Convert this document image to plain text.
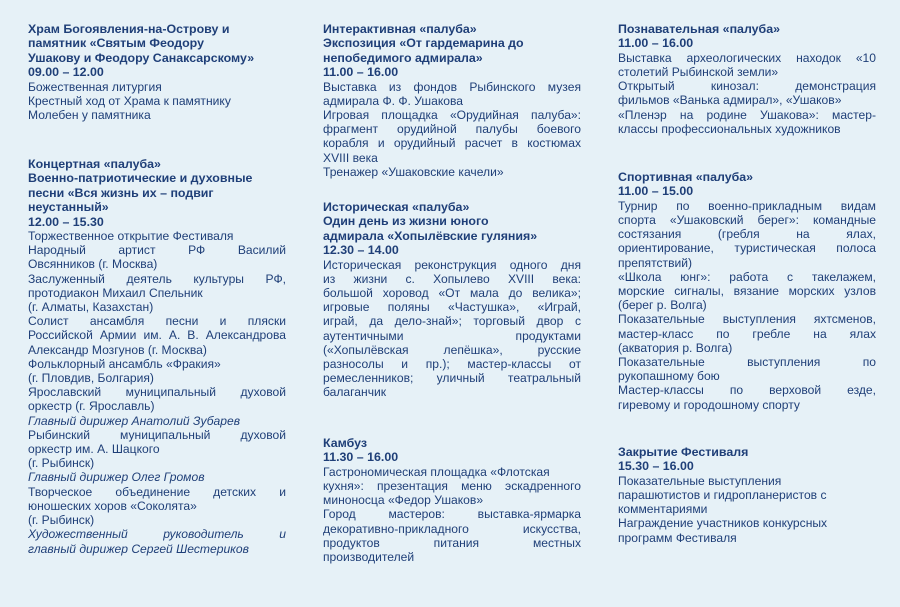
Храм Богоявления-на-Острову и

памятник «Святым Феодору

Ушакову и Феодору Санаксарскому»

09.00 – 12.00

Божественная литургия

Крестный ход от Храма к памятнику

Молебен у памятника

Концертная «палуба»

Военно-патриотические и духовные

песни «Вся жизнь их – подвиг

неустанный»

12.00 – 15.30

Торжественное открытие Фестиваля

Народный артист РФ Василий

Овсянников (г. Москва)

Заслуженный деятель культуры РФ,

протодиакон Михаил Спельник

(г. Алматы, Казахстан)

Солист ансамбля песни и пляски

Российской Армии им. А. В. Александрова

Александр Мозгунов (г. Москва)

Фольклорный ансамбль «Фракия»

(г. Пловдив, Болгария)

Ярославский муниципальный духовой

оркестр (г. Ярославль)

Главный дирижер Анатолий Зубарев

Рыбинский муниципальный духовой

оркестр им. А. Шацкого

(г. Рыбинск)

Главный дирижер Олег Громов

Творческое объединение детских и

юношеских хоров «Соколята»

(г. Рыбинск)

Художественный руководитель и

главный дирижер Сергей Шестериков

Интерактивная «палуба»

Экспозиция «От гардемарина до

непобедимого адмирала»

11.00 – 16.00

Выставка из фондов Рыбинского музея

адмирала Ф. Ф. Ушакова

Игровая площадка «Орудийная палуба»:

фрагмент орудийной палубы боевого

корабля и орудийный расчет в костюмах

XVIII века

Тренажер «Ушаковские качели»

Историческая «палуба»

Один день из жизни юного

адмирала «Хопылёвские гуляния»

12.30 – 14.00

Историческая реконструкция одного дня

из жизни с. Хопылево XVIII века:

большой хоровод «От мала до велика»;

игровые поляны «Частушка», «Играй,

играй, да дело-знай»; торговый двор с

аутентичными продуктами

(«Хопылёвская лепёшка», русские

разносолы и пр.); мастер-классы от

ремесленников; уличный театральный

балаганчик

Камбуз

11.30 – 16.00

Гастрономическая площадка «Флотская

кухня»: презентация меню эскадренного

миноносца «Федор Ушаков»

Город мастеров: выставка-ярмарка

декоративно-прикладного искусства,

продуктов питания местных

производителей

Познавательная «палуба»

11.00 – 16.00

Выставка археологических находок «10

столетий Рыбинской земли»

Открытый кинозал: демонстрация

фильмов «Ванька адмирал», «Ушаков»

«Пленэр на родине Ушакова»: мастер-

классы профессиональных художников

Спортивная «палуба»

11.00 – 15.00

Турнир по военно-прикладным видам

спорта «Ушаковский берег»: командные

состязания (гребля на ялах,

ориентирование, туристическая полоса

препятствий)

«Школа юнг»: работа с такелажем,

морские сигналы, вязание морских узлов

(берег р. Волга)

Показательные выступления яхтсменов,

мастер-класс по гребле на ялах

(акватория р. Волга)

Показательные выступления по

рукопашному бою

Мастер-классы по верховой езде,

гиревому и городошному спорту

Закрытие Фестиваля

15.30 – 16.00

Показательные выступления

парашютистов и гидропланеристов с

комментариями

Награждение участников конкурсных

программ Фестиваля
